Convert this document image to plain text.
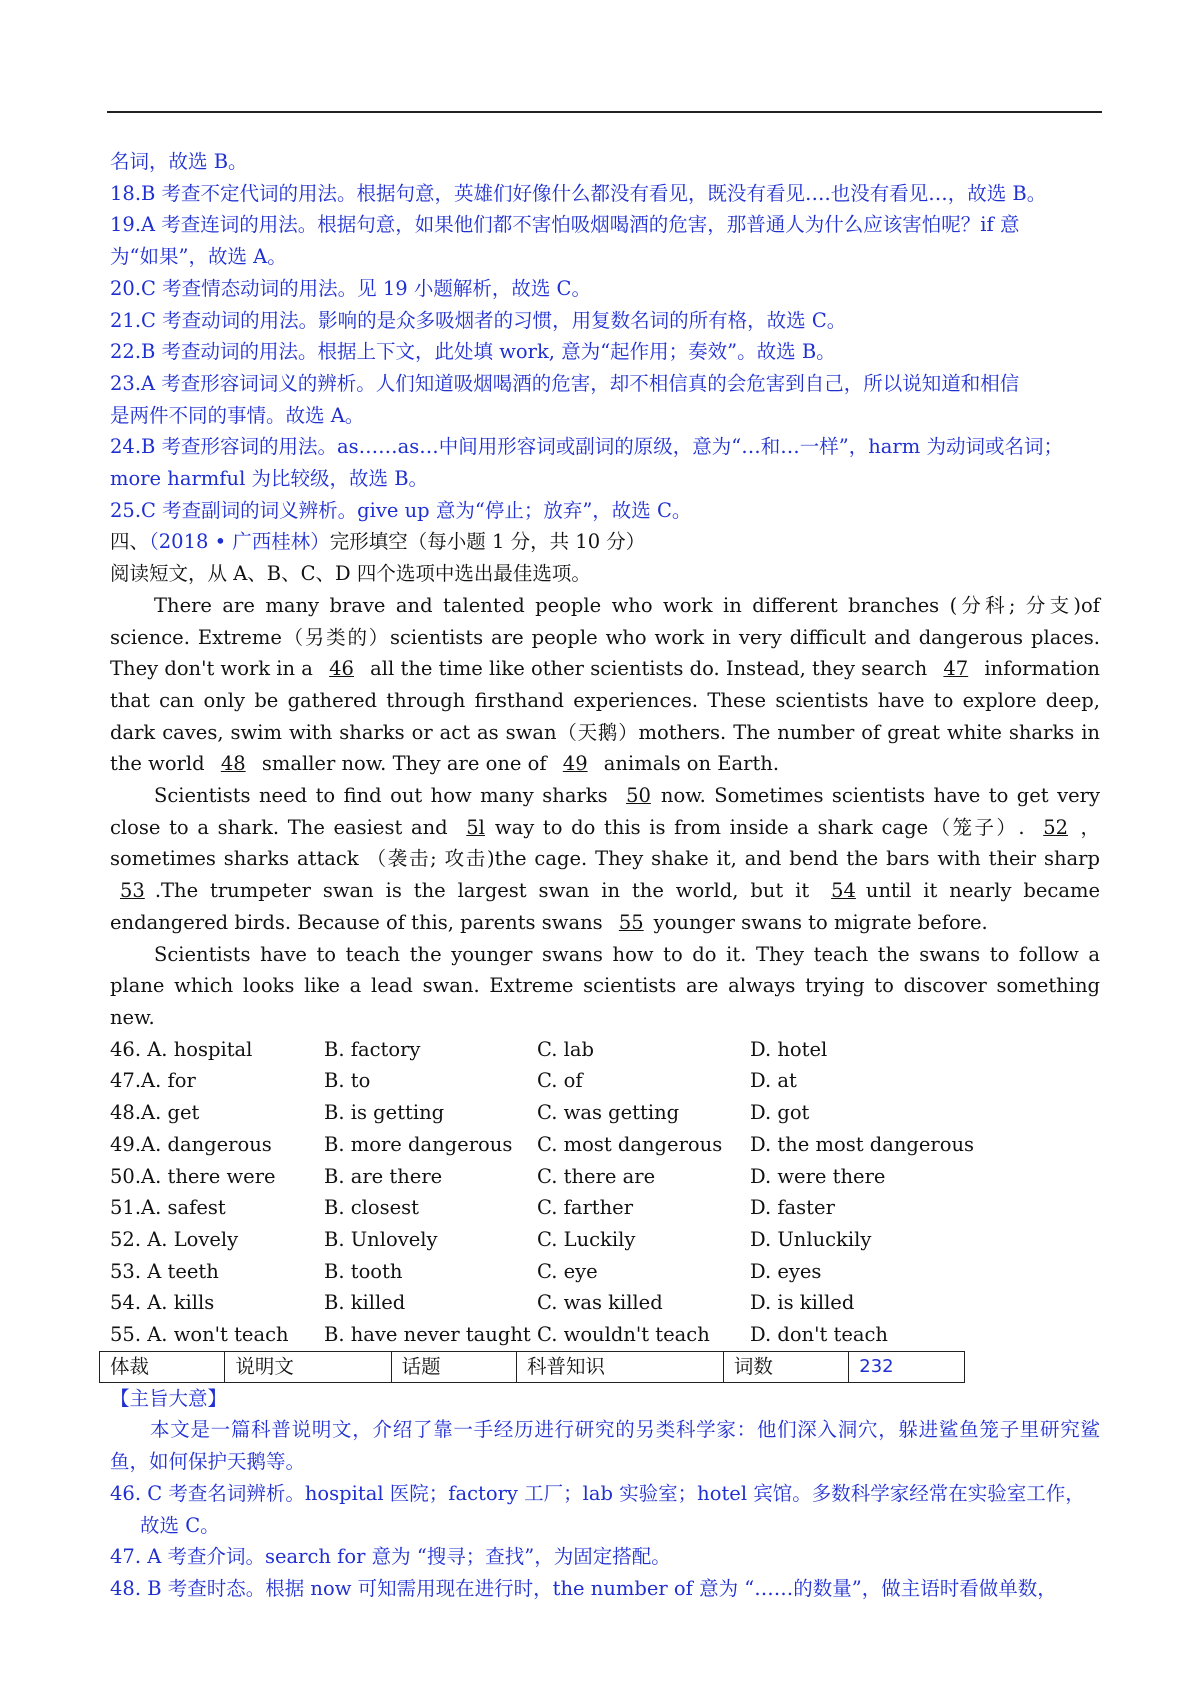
名词，故选 B。
18.B 考查不定代词的用法。根据句意，英雄们好像什么都没有看见，既没有看见….也没有看见…，故选 B。
19.A 考查连词的用法。根据句意，如果他们都不害怕吸烟喝酒的危害，那普通人为什么应该害怕呢？if 意
为“如果”，故选 A。
20.C 考查情态动词的用法。见 19 小题解析，故选 C。
21.C 考查动词的用法。影响的是众多吸烟者的习惯，用复数名词的所有格，故选 C。
22.B 考查动词的用法。根据上下文，此处填 work, 意为“起作用；奏效”。故选 B。
23.A 考查形容词词义的辨析。人们知道吸烟喝酒的危害，却不相信真的会危害到自己，所以说知道和相信
是两件不同的事情。故选 A。
24.B 考查形容词的用法。as……as…中间用形容词或副词的原级，意为“…和…一样”，harm 为动词或名词；
more harmful 为比较级，故选 B。
25.C 考查副词的词义辨析。give up 意为“停止；放弃”，故选 C。
四、（2018 • 广西桂林）完形填空（每小题 1 分，共 10 分）
阅读短文，从 A、B、C、D 四个选项中选出最佳选项。
There are many brave and talented people who work in different branches (分科; 分支)of science. Extreme（另类的）scientists are people who work in very difficult and dangerous places. They don't work in a 46 all the time like other scientists do. Instead, they search 47 information that can only be gathered through firsthand experiences. These scientists have to explore deep, dark caves, swim with sharks or act as swan（天鹅）mothers. The number of great white sharks in the world 48 smaller now. They are one of 49 animals on Earth.
Scientists need to find out how many sharks 50 now. Sometimes scientists have to get very close to a shark. The easiest and 5l way to do this is from inside a shark cage（笼子）. 52 ，sometimes sharks attack （袭击; 攻击)the cage. They shake it, and bend the bars with their sharp 53 .The trumpeter swan is the largest swan in the world, but it 54 until it nearly became endangered birds. Because of this, parents swans 55 younger swans to migrate before.
Scientists have to teach the younger swans how to do it. They teach the swans to follow a plane which looks like a lead swan. Extreme scientists are always trying to discover something new.
46. A. hospital	B. factory	C. lab	D. hotel
47.A. for	B. to	C. of	D. at
48.A. get	B. is getting	C. was getting	D. got
49.A. dangerous	B. more dangerous	C. most dangerous	D. the most dangerous
50.A. there were	B. are there	C. there are	D. were there
51.A. safest	B. closest	C. farther	D. faster
52. A. Lovely	B. Unlovely	C. Luckily	D. Unluckily
53. A teeth	B. tooth	C. eye	D. eyes
54. A. kills	B. killed	C. was killed	D. is killed
55. A. won't teach	B. have never taught C. wouldn't teach	D. don't teach
体裁	说明文	话题	科普知识	词数	232
【主旨大意】
本文是一篇科普说明文，介绍了靠一手经历进行研究的另类科学家：他们深入洞穴，躲进鲨鱼笼子里研究鲨鱼，如何保护天鹅等。
46. C 考查名词辨析。hospital 医院；factory 工厂；lab 实验室；hotel 宾馆。多数科学家经常在实验室工作，故选 C。
47. A 考查介词。search for 意为 “搜寻；查找”，为固定搭配。
48. B 考查时态。根据 now 可知需用现在进行时，the number of 意为 “……的数量”，做主语时看做单数，
